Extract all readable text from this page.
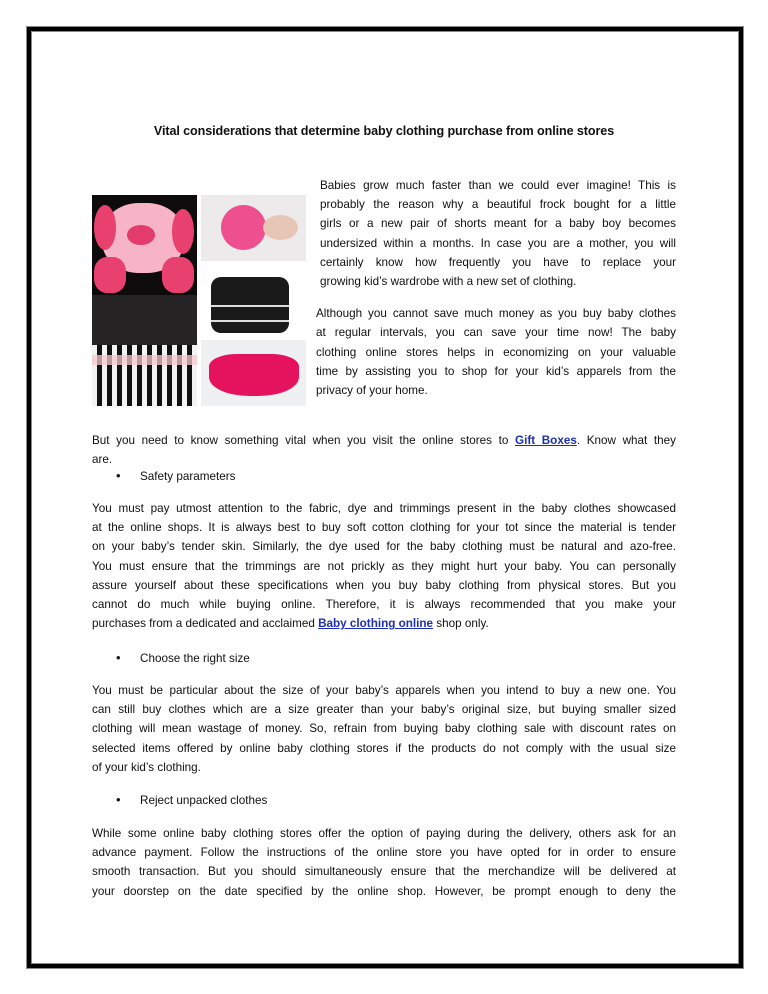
Vital considerations that determine baby clothing purchase from online stores
Babies grow much faster than we could ever imagine! This is
probably the reason why a beautiful frock bought for a little
girls or a new pair of shorts meant for a baby boy becomes
undersized within a months. In case you are a mother, you will
certainly know how frequently you have to replace your
growing kid’s wardrobe with a new set of clothing.
Although you cannot save much money as you buy baby clothes
at regular intervals, you can save your time now! The baby
clothing online stores helps in economizing on your valuable
time by assisting you to shop for your kid’s apparels from the
privacy of your home.
But you need to know something vital when you visit the online stores to Gift Boxes. Know what they
are.
• Safety parameters
You must pay utmost attention to the fabric, dye and trimmings present in the baby clothes showcased
at the online shops. It is always best to buy soft cotton clothing for your tot since the material is tender
on your baby’s tender skin. Similarly, the dye used for the baby clothing must be natural and azo-free.
You must ensure that the trimmings are not prickly as they might hurt your baby. You can personally
assure yourself about these specifications when you buy baby clothing from physical stores. But you
cannot do much while buying online. Therefore, it is always recommended that you make your
purchases from a dedicated and acclaimed Baby clothing online shop only.
• Choose the right size
You must be particular about the size of your baby’s apparels when you intend to buy a new one. You
can still buy clothes which are a size greater than your baby’s original size, but buying smaller sized
clothing will mean wastage of money. So, refrain from buying baby clothing sale with discount rates on
selected items offered by online baby clothing stores if the products do not comply with the usual size
of your kid’s clothing.
• Reject unpacked clothes
While some online baby clothing stores offer the option of paying during the delivery, others ask for an
advance payment. Follow the instructions of the online store you have opted for in order to ensure
smooth transaction. But you should simultaneously ensure that the merchandize will be delivered at
your doorstep on the date specified by the online shop. However, be prompt enough to deny the
